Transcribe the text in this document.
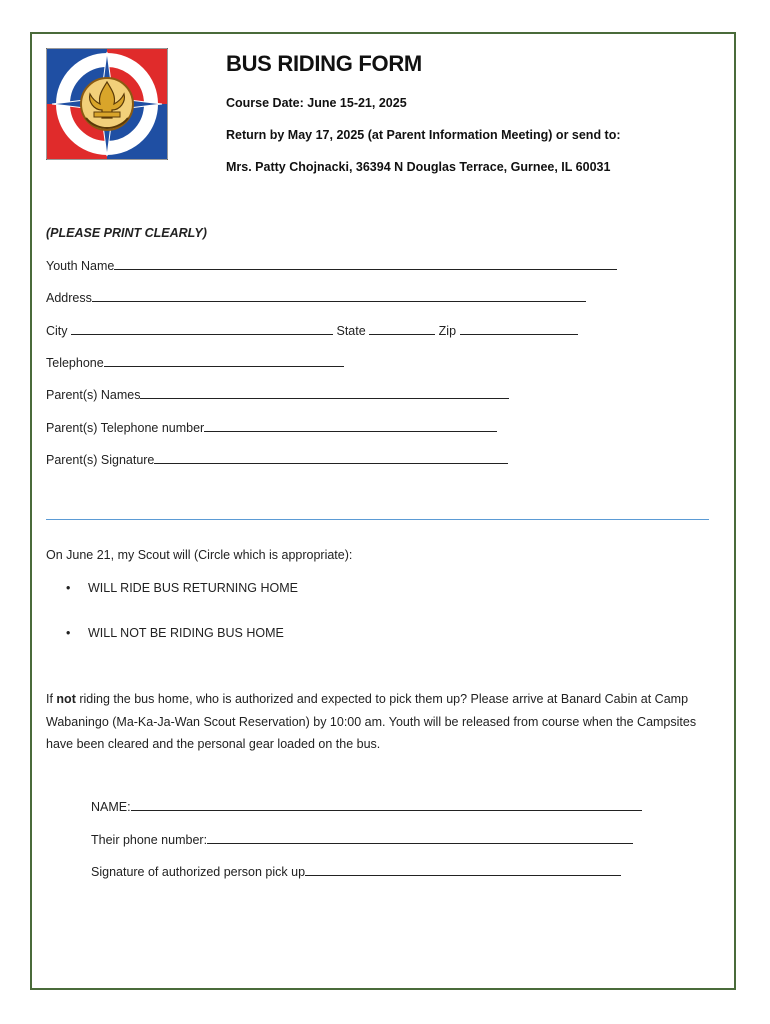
BUS RIDING FORM
Course Date: June 15-21, 2025
Return by May 17, 2025 (at Parent Information Meeting) or send to:
Mrs. Patty Chojnacki, 36394 N Douglas Terrace, Gurnee, IL 60031
(PLEASE PRINT CLEARLY)
Youth Name
Address
City	State	Zip
Telephone
Parent(s) Names
Parent(s) Telephone number
Parent(s) Signature
On June 21, my Scout will (Circle which is appropriate):
• WILL RIDE BUS RETURNING HOME
• WILL NOT BE RIDING BUS HOME
If not riding the bus home, who is authorized and expected to pick them up? Please arrive at Banard Cabin at Camp Wabaningo (Ma-Ka-Ja-Wan Scout Reservation) by 10:00 am. Youth will be released from course when the Campsites have been cleared and the personal gear loaded on the bus.
NAME:
Their phone number:
Signature of authorized person pick up
